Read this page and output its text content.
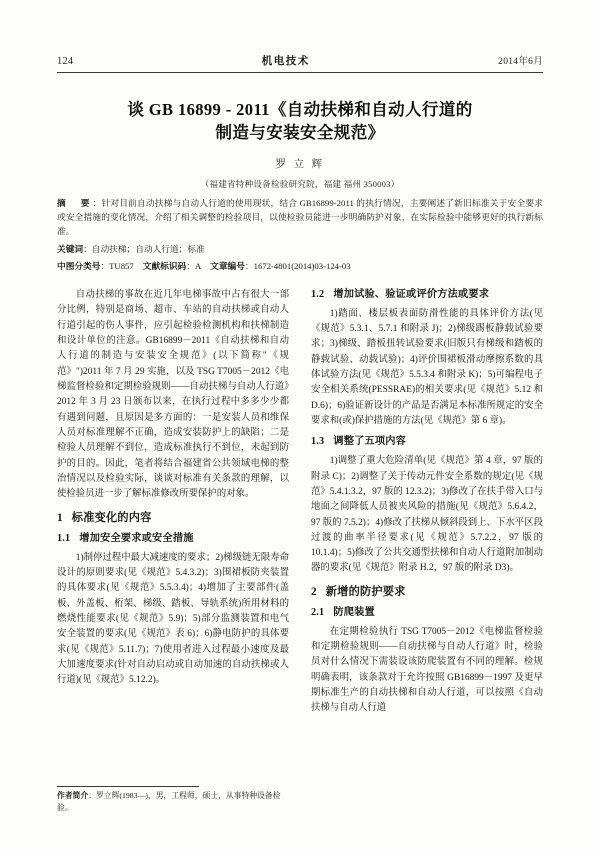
124	机电技术	2014年6月
谈 GB 16899 - 2011《自动扶梯和自动人行道的
制造与安装安全规范》
罗 立 辉
（福建省特种设备检验研究院，福建 福州 350003）
摘　要：针对目前自动扶梯与自动人行道的使用现状，结合 GB16899-2011 的执行情况，主要阐述了新旧标准关于安全要求或安全措施的变化情况，介绍了相关调整的检验项目，以使检验员能进一步明确防护对象，在实际检验中能够更好的执行新标准。
关键词：自动扶梯；自动人行道；标准
中图分类号：TU857 文献标识码：A 文章编号：1672-4801(2014)03-124-03

自动扶梯的事故在近几年电梯事故中占有很大一部分比例，特别是商场、超市、车站的自动扶梯或自动人行道引起的伤人事件，应引起检验检测机构和扶梯制造和设计单位的注意。GB16899－2011《自动扶梯和自动人行道的制造与安装安全规范》(以下简称"《规范》")2011 年 7 月 29 实施，以及 TSG T7005－2012《电梯监督检验和定期检验规则——自动扶梯与自动人行道》2012 年 3 月 23 日颁布以来，在执行过程中多多少少都有遇到问题，且原因是多方面的：一是安装人员和维保人员对标准理解不正确，造成安装防护上的缺陷；二是检验人员理解不到位，造成标准执行不到位，未起到防护的目的。因此，笔者将结合福建省公共领域电梯的整治情况以及检验实际，谈谈对标准有关条款的理解，以使检验员进一步了解标准修改所要保护的对象。

1 标准变化的内容
1.1 增加安全要求或安全措施

1)制停过程中最大减速度的要求；2)梯级链无限寿命设计的原则要求(见《规范》5.4.3.2)；3)围裙板防夹装置的具体要求(见《规范》5.5.3.4)；4)增加了主要部件(盖板、外盖板、桁架、梯级、踏板、导轨系统)所用材料的燃烧性能要求(见《规范》5.9)；5)部分监测装置和电气安全装置的要求(见《规范》表 6)；6)静电防护的具体要求(见《规范》5.11.7)；7)使用者进入过程最小速度及最大加速度要求(针对自动启动或自动加速的自动扶梯或人行道)(见《规范》5.12.2)。

1.2 增加试验、验证或评价方法或要求

1)踏面、楼层板表面防滑性能的具体评价方法(见《规范》5.3.1、5.7.1 和附录 J)；2)梯级踢板静载试验要求；3)梯级、踏板扭转试验要求(旧版只有梯级和踏板的静载试验、动载试验)；4)评价围裙板滑动摩擦系数的具体试验方法(见《规范》5.5.3.4 和附录 K)；5)可编程电子安全相关系统(PESSRAE)的相关要求(见《规范》5.12 和 D.6)；6)验证新设计的产品是否满足本标准所规定的安全要求和(或)保护措施的方法(见《规范》第 6 章)。

1.3 调整了五项内容

1)调整了重大危险清单(见《规范》第 4 章，97 版的附录 C)；2)调整了关于传动元件安全系数的规定(见《规范》5.4.1.3.2，97 版的 12.3.2)；3)修改了在扶手带入口与地面之间降低人员被夹风险的措施(见《规范》5.6.4.2，97 版的 7.5.2)；4)修改了扶梯从倾斜段到上、下水平区段过渡的曲率半径要求(见《规范》5.7.2.2，97 版的 10.1.4)；5)修改了公共交通型扶梯和自动人行道附加制动器的要求(见《规范》附录 H.2，97 版的附录 D3)。

2 新增的防护要求
2.1 防爬装置

在定期检验执行 TSG T7005－2012《电梯监督检验和定期检验规则——自动扶梯与自动人行道》时，检验员对什么情况下需装设该防爬装置有不同的理解。检规明确表明，该条款对于允许按照 GB16899－1997 及更早期标准生产的自动扶梯和自动人行道，可以按照《自动扶梯与自动人行道

作者简介：罗立辉(1983—)，男，工程师，硕士，从事特种设备检验。
